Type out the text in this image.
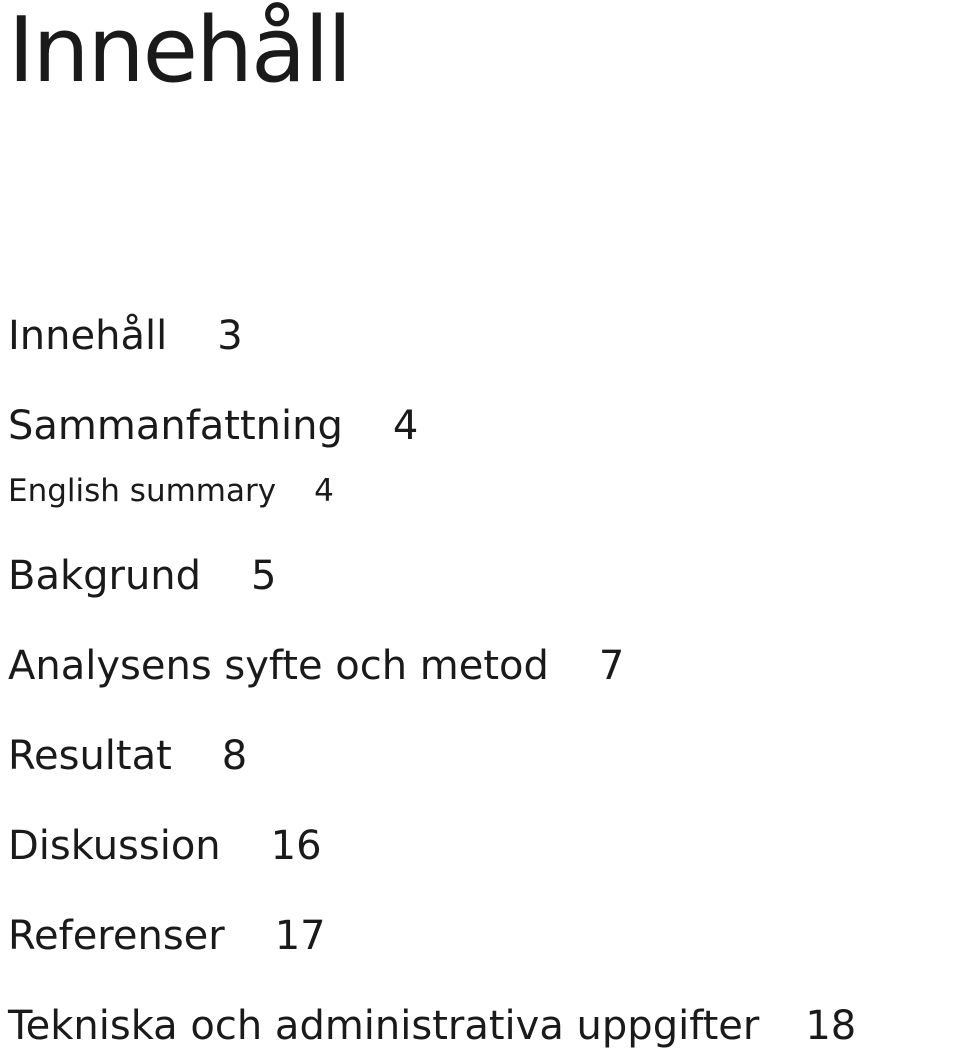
Innehåll
Innehåll 3
Sammanfattning 4
English summary 4
Bakgrund 5
Analysens syfte och metod 7
Resultat 8
Diskussion 16
Referenser 17
Tekniska och administrativa uppgifter 18
